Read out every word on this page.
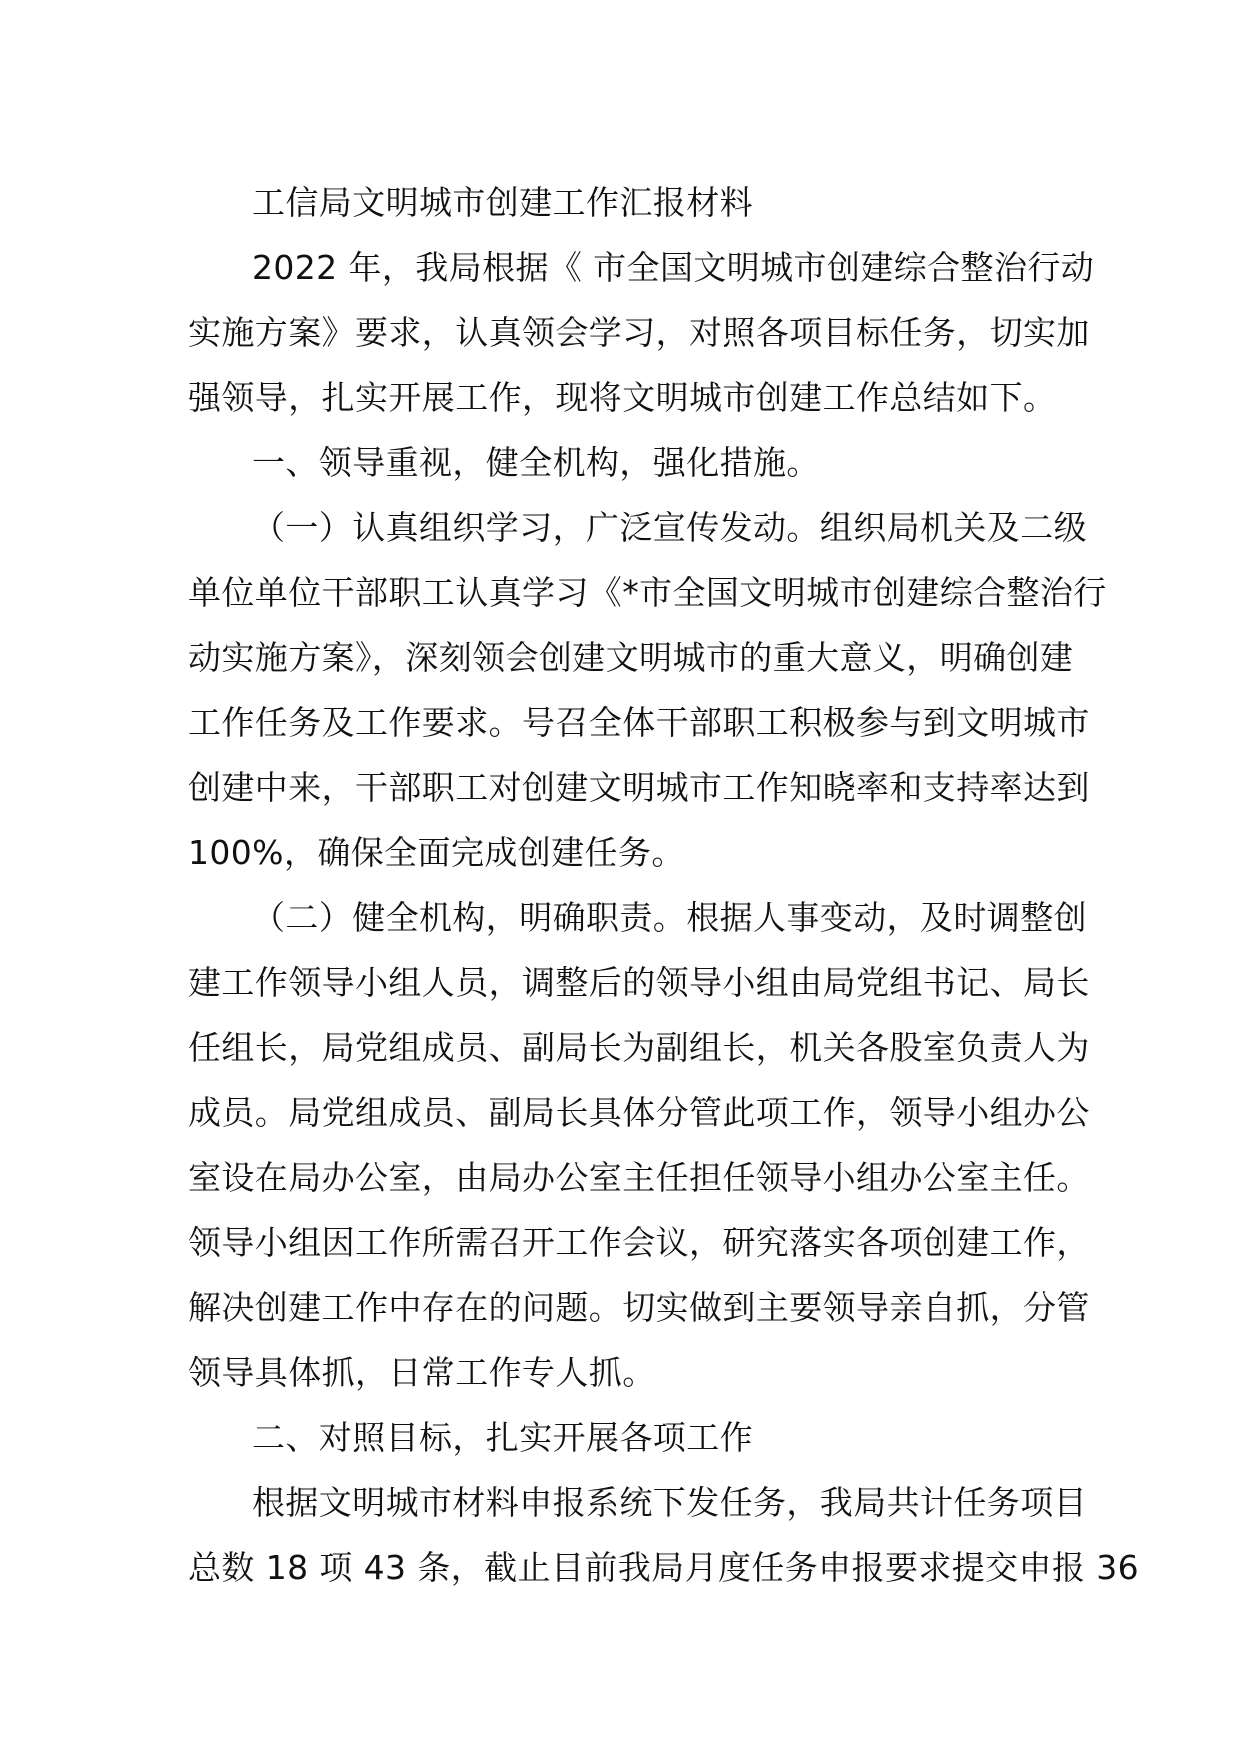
工信局文明城市创建工作汇报材料

2022 年，我局根据《 市全国文明城市创建综合整治行动
实施方案》要求，认真领会学习，对照各项目标任务，切实加
强领导，扎实开展工作，现将文明城市创建工作总结如下。

一、领导重视，健全机构，强化措施。

（一）认真组织学习，广泛宣传发动。组织局机关及二级
单位单位干部职工认真学习《*市全国文明城市创建综合整治行
动实施方案》，深刻领会创建文明城市的重大意义，明确创建
工作任务及工作要求。号召全体干部职工积极参与到文明城市
创建中来，干部职工对创建文明城市工作知晓率和支持率达到
100%，确保全面完成创建任务。

（二）健全机构，明确职责。根据人事变动，及时调整创
建工作领导小组人员，调整后的领导小组由局党组书记、局长
任组长，局党组成员、副局长为副组长，机关各股室负责人为
成员。局党组成员、副局长具体分管此项工作，领导小组办公
室设在局办公室，由局办公室主任担任领导小组办公室主任。
领导小组因工作所需召开工作会议，研究落实各项创建工作，
解决创建工作中存在的问题。切实做到主要领导亲自抓，分管
领导具体抓，日常工作专人抓。

二、对照目标，扎实开展各项工作

根据文明城市材料申报系统下发任务，我局共计任务项目
总数 18 项 43 条，截止目前我局月度任务申报要求提交申报 36
